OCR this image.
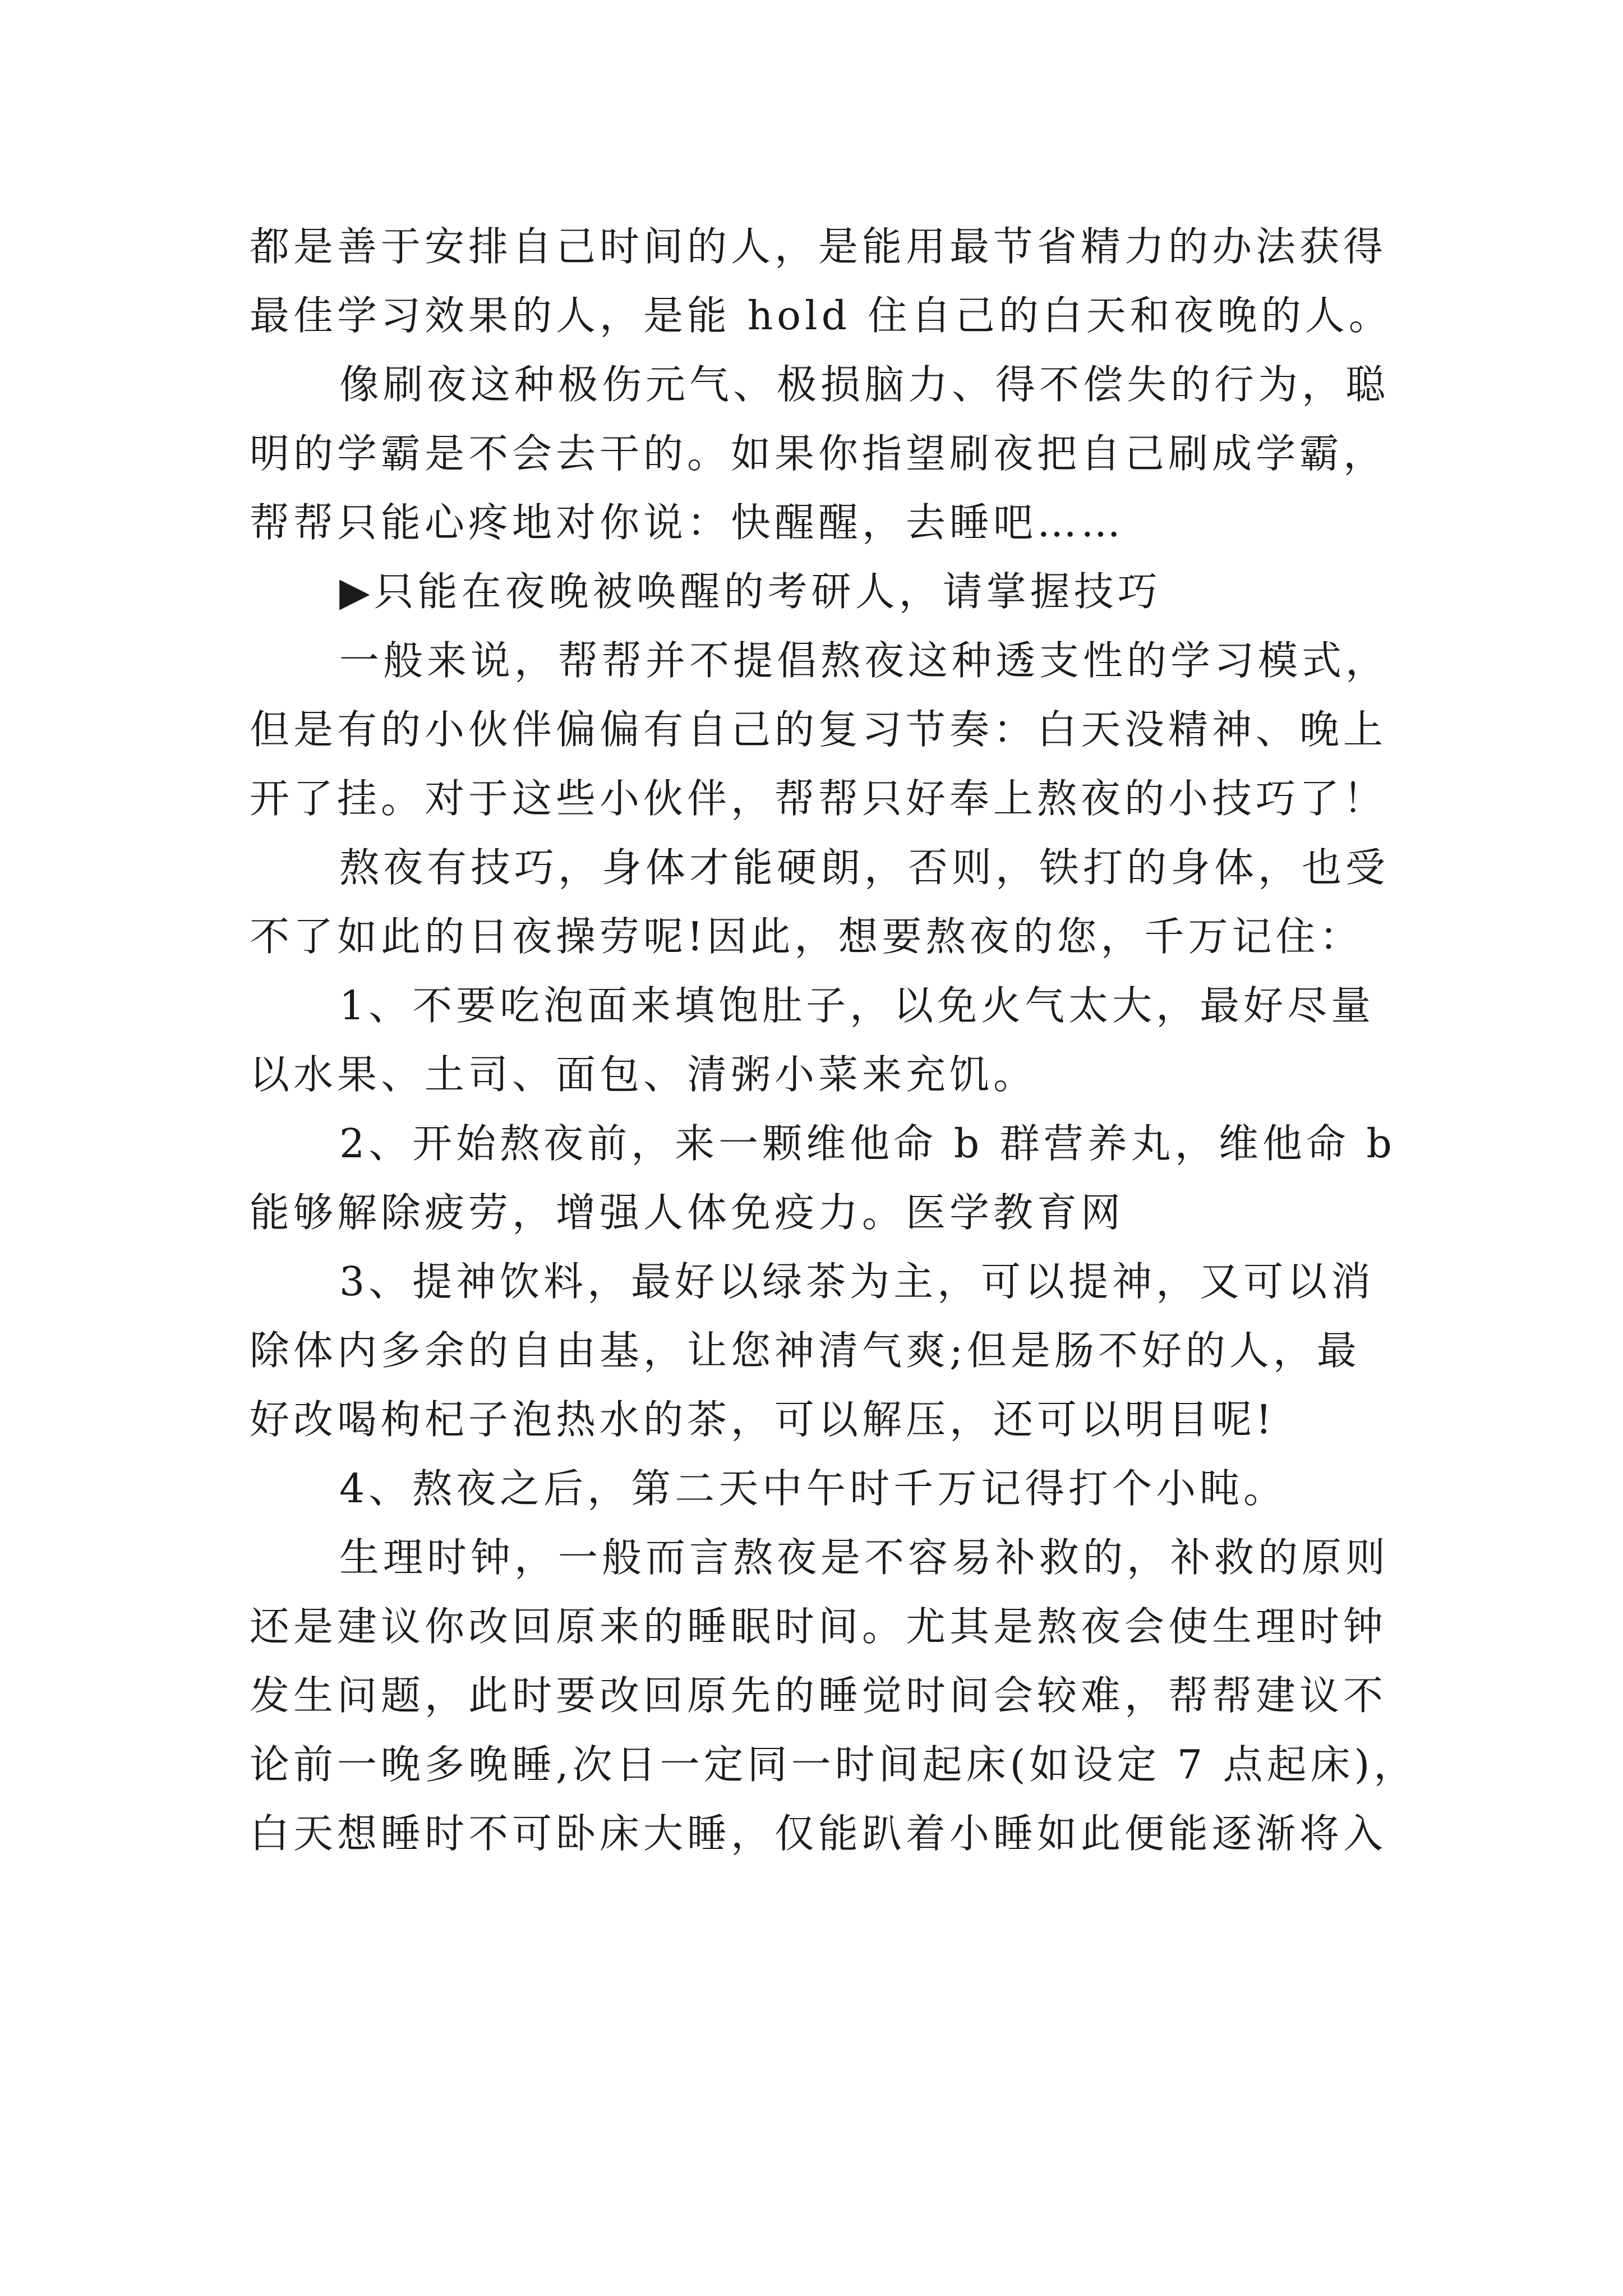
都是善于安排自己时间的人，是能用最节省精力的办法获得
最佳学习效果的人，是能 hold 住自己的白天和夜晚的人。
像刷夜这种极伤元气、极损脑力、得不偿失的行为，聪
明的学霸是不会去干的。如果你指望刷夜把自己刷成学霸，
帮帮只能心疼地对你说：快醒醒，去睡吧……
▶只能在夜晚被唤醒的考研人，请掌握技巧
一般来说，帮帮并不提倡熬夜这种透支性的学习模式，
但是有的小伙伴偏偏有自己的复习节奏：白天没精神、晚上
开了挂。对于这些小伙伴，帮帮只好奉上熬夜的小技巧了！
熬夜有技巧，身体才能硬朗，否则，铁打的身体，也受
不了如此的日夜操劳呢!因此，想要熬夜的您，千万记住：
1、不要吃泡面来填饱肚子，以免火气太大，最好尽量
以水果、土司、面包、清粥小菜来充饥。
2、开始熬夜前，来一颗维他命 b 群营养丸，维他命 b
能够解除疲劳，增强人体免疫力。医学教育网
3、提神饮料，最好以绿茶为主，可以提神，又可以消
除体内多余的自由基，让您神清气爽;但是肠不好的人，最
好改喝枸杞子泡热水的茶，可以解压，还可以明目呢!
4、熬夜之后，第二天中午时千万记得打个小盹。
生理时钟，一般而言熬夜是不容易补救的，补救的原则
还是建议你改回原来的睡眠时间。尤其是熬夜会使生理时钟
发生问题，此时要改回原先的睡觉时间会较难，帮帮建议不
论前一晚多晚睡,次日一定同一时间起床(如设定 7 点起床)，
白天想睡时不可卧床大睡，仅能趴着小睡如此便能逐渐将入
